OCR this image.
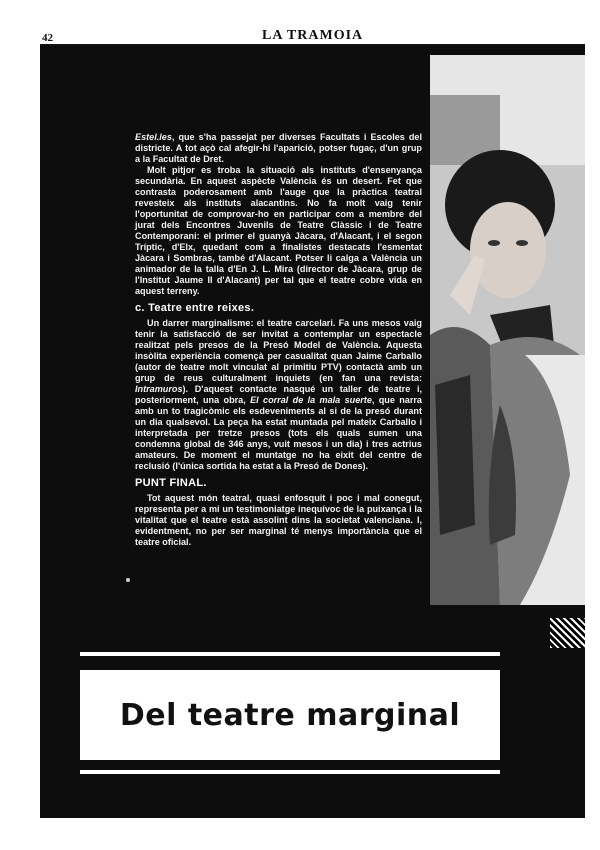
42	LA TRAMOIA

Estel.les, que s'ha passejat per diverses Facultats i Escoles del districte. A tot açò cal afegir-hi l'aparició, potser fugaç, d'un grup a la Facultat de Dret.

Molt pitjor es troba la situació als instituts d'ensenyança secundària. En aquest aspècte València és un desert. Fet que contrasta poderosament amb l'auge que la pràctica teatral revesteix als instituts alacantins. No fa molt vaig tenir l'oportunitat de comprovar-ho en participar com a membre del jurat dels Encontres Juvenils de Teatre Clàssic i de Teatre Contemporani: el primer el guanyà Jàcara, d'Alacant, i el segon Tríptic, d'Elx, quedant com a finalistes destacats l'esmentat Jàcara i Sombras, també d'Alacant. Potser li calga a València un animador de la talla d'En J. L. Mira (director de Jàcara, grup de l'Institut Jaume II d'Alacant) per tal que el teatre cobre vida en aquest terreny.

c. Teatre entre reixes.

Un darrer marginalisme: el teatre carcelari. Fa uns mesos vaig tenir la satisfacció de ser invitat a contemplar un espectacle realitzat pels presos de la Presó Model de València. Aquesta insòlita experiència començà per casualitat quan Jaime Carballo (autor de teatre molt vinculat al primitiu PTV) contactà amb un grup de reus culturalment inquiets (en fan una revista: Intramuros). D'aquest contacte nasqué un taller de teatre i, posteriorment, una obra, El corral de la mala suerte, que narra amb un to tragicòmic els esdeveniments al si de la presó durant un dia qualsevol. La peça ha estat muntada pel mateix Carballo i interpretada per tretze presos (tots els quals sumen una condemna global de 346 anys, vuit mesos i un dia) i tres actrius amateurs. De moment el muntatge no ha eixit del centre de reclusió (l'única sortida ha estat a la Presó de Dones).

PUNT FINAL.

Tot aquest món teatral, quasi enfosquit i poc i mal conegut, representa per a mi un testimoniatge inequívoc de la puixança i la vitalitat que el teatre està assolint dins la societat valenciana. I, evidentment, no per ser marginal té menys importància que el teatre oficial.

Del teatre marginal
